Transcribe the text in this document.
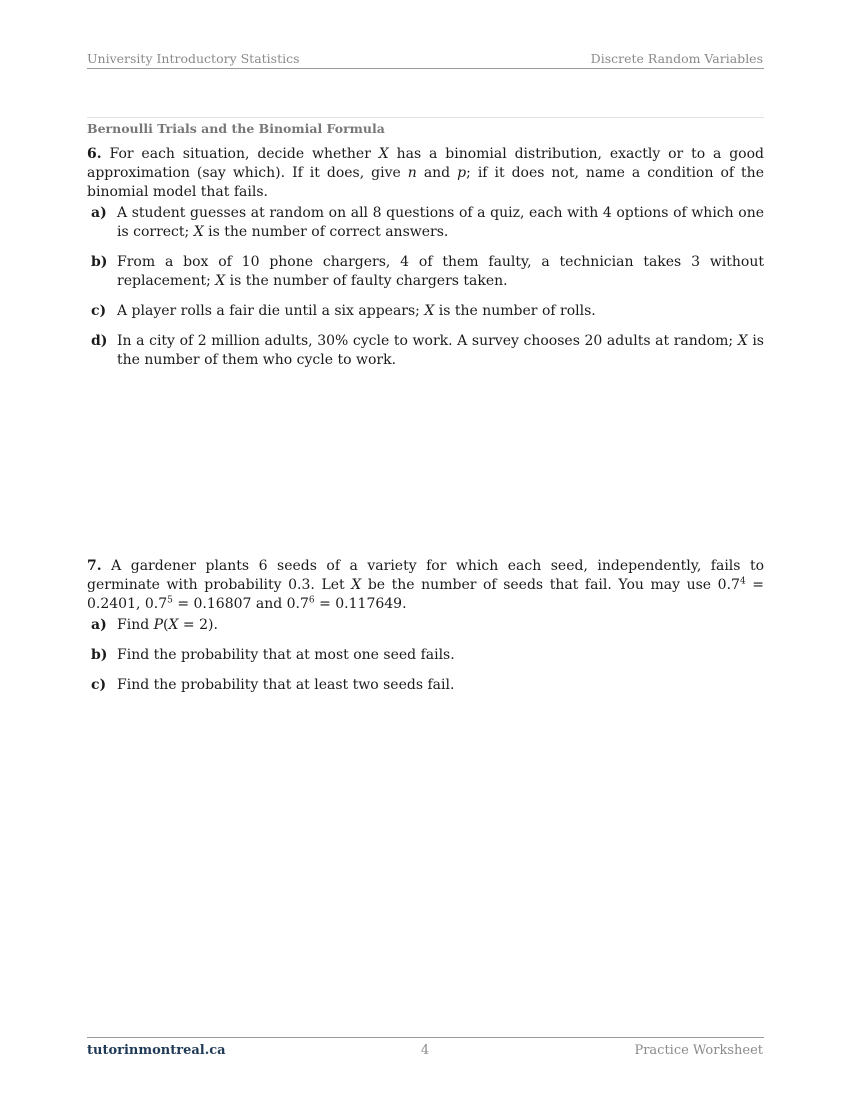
University Introductory Statistics	Discrete Random Variables
Bernoulli Trials and the Binomial Formula
6. For each situation, decide whether X has a binomial distribution, exactly or to a good approximation (say which). If it does, give n and p; if it does not, name a condition of the binomial model that fails.
a) A student guesses at random on all 8 questions of a quiz, each with 4 options of which one is correct; X is the number of correct answers.
b) From a box of 10 phone chargers, 4 of them faulty, a technician takes 3 without replacement; X is the number of faulty chargers taken.
c) A player rolls a fair die until a six appears; X is the number of rolls.
d) In a city of 2 million adults, 30% cycle to work. A survey chooses 20 adults at random; X is the number of them who cycle to work.
7. A gardener plants 6 seeds of a variety for which each seed, independently, fails to germinate with probability 0.3. Let X be the number of seeds that fail. You may use $0.7^4 = 0.2401$, $0.7^5 = 0.16807$ and $0.7^6 = 0.117649$.
a) Find P(X = 2).
b) Find the probability that at most one seed fails.
c) Find the probability that at least two seeds fail.
tutorinmontreal.ca	4	Practice Worksheet
